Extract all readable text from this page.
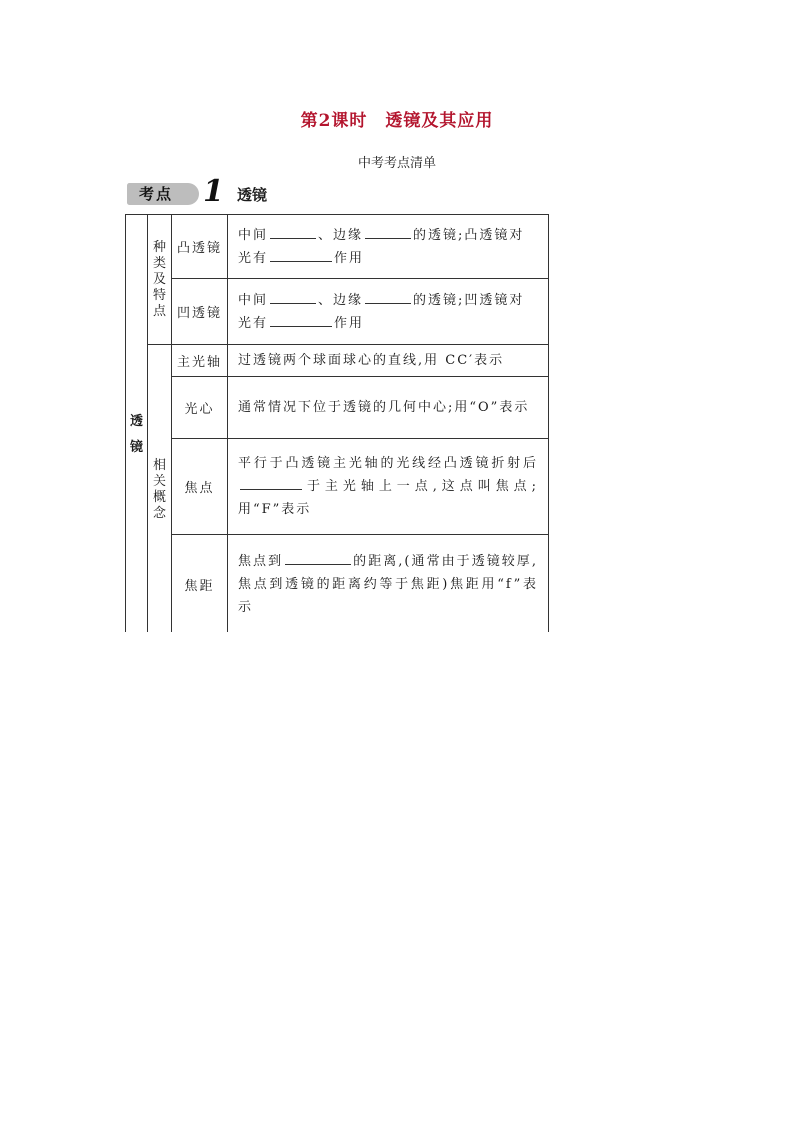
第2课时 透镜及其应用
中考考点清单
考点 1 透镜
透镜	种类及特点	凸透镜	中间 、边缘 的透镜;凸透镜对
光有 作用
		凹透镜	中间 、边缘 的透镜;凹透镜对
光有 作用

	相关概念	主光轴	过透镜两个球面球心的直线,用 CC′表示
		光心	通常情况下位于透镜的几何中心;用“O”表示
		焦点	平行于凸透镜主光轴的光线经凸透镜折射后于主光轴上一点,这点叫焦点;用“F”表示
		焦距	焦点到 的距离,(通常由于透镜较厚,焦点到透镜的距离约等于焦距)焦距用“f”表示
